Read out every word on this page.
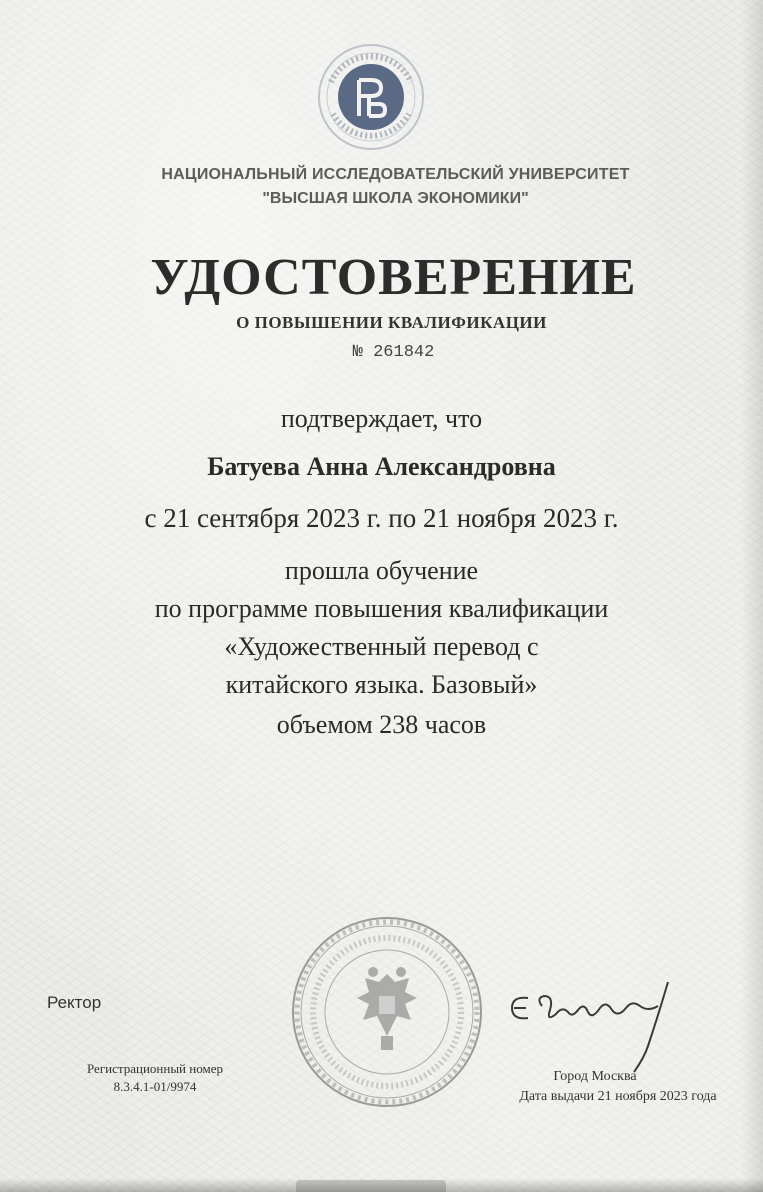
НАЦИОНАЛЬНЫЙ ИССЛЕДОВАТЕЛЬСКИЙ УНИВЕРСИТЕТ
"ВЫСШАЯ ШКОЛА ЭКОНОМИКИ"
УДОСТОВЕРЕНИЕ
О ПОВЫШЕНИИ КВАЛИФИКАЦИИ
№ 261842
подтверждает, что
Батуева Анна Александровна
с 21 сентября 2023 г. по 21 ноября 2023 г.
прошла обучение
по программе повышения квалификации
«Художественный перевод с
китайского языка. Базовый»
объемом 238 часов
Ректор
Регистрационный номер
8.3.4.1-01/9974
Город Москва
Дата выдачи 21 ноября 2023 года
